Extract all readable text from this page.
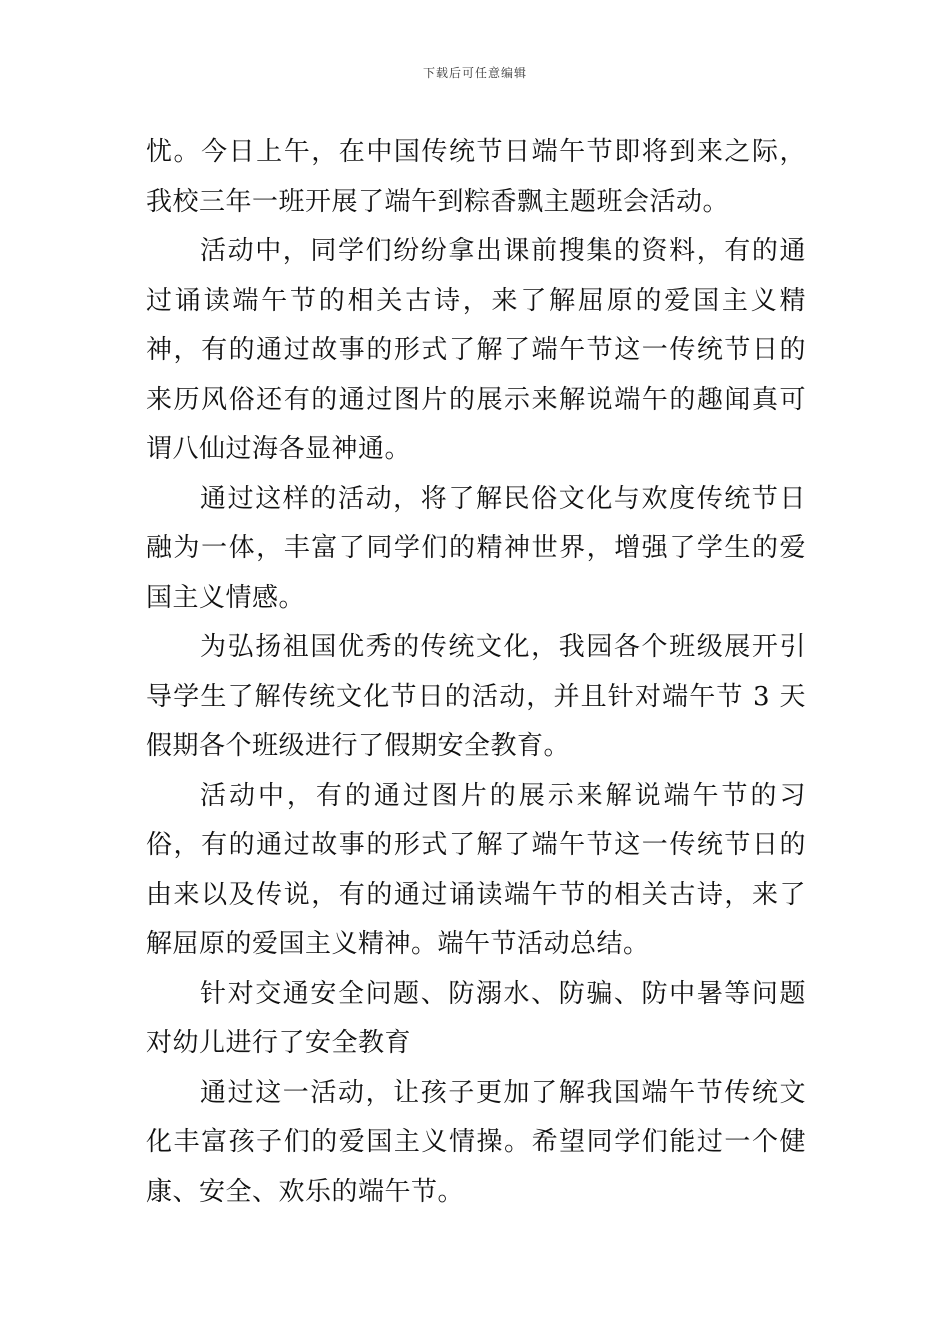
下载后可任意编辑

忧。今日上午，在中国传统节日端午节即将到来之际，我校三年一班开展了端午到粽香飘主题班会活动。

活动中，同学们纷纷拿出课前搜集的资料，有的通过诵读端午节的相关古诗，来了解屈原的爱国主义精神，有的通过故事的形式了解了端午节这一传统节日的来历风俗还有的通过图片的展示来解说端午的趣闻真可谓八仙过海各显神通。

通过这样的活动，将了解民俗文化与欢度传统节日融为一体，丰富了同学们的精神世界，增强了学生的爱国主义情感。

为弘扬祖国优秀的传统文化，我园各个班级展开引导学生了解传统文化节日的活动，并且针对端午节 3 天假期各个班级进行了假期安全教育。

活动中，有的通过图片的展示来解说端午节的习俗，有的通过故事的形式了解了端午节这一传统节日的由来以及传说，有的通过诵读端午节的相关古诗，来了解屈原的爱国主义精神。端午节活动总结。

针对交通安全问题、防溺水、防骗、防中暑等问题对幼儿进行了安全教育

通过这一活动，让孩子更加了解我国端午节传统文化丰富孩子们的爱国主义情操。希望同学们能过一个健康、安全、欢乐的端午节。
